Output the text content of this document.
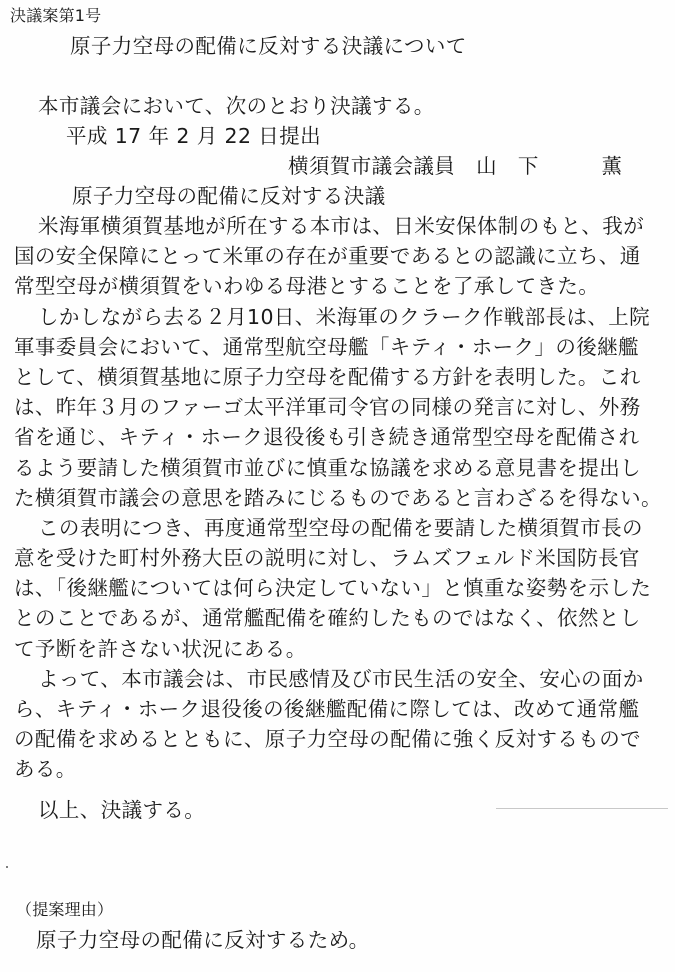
決議案第1号
原子力空母の配備に反対する決議について
本市議会において、次のとおり決議する。
平成 17 年 2 月 22 日提出
横須賀市議会議員　山　下　　　薫
原子力空母の配備に反対する決議
米海軍横須賀基地が所在する本市は、日米安保体制のもと、我が
国の安全保障にとって米軍の存在が重要であるとの認識に立ち、通
常型空母が横須賀をいわゆる母港とすることを了承してきた。
しかしながら去る２月10日、米海軍のクラーク作戦部長は、上院
軍事委員会において、通常型航空母艦「キティ・ホーク」の後継艦
として、横須賀基地に原子力空母を配備する方針を表明した。これ
は、昨年３月のファーゴ太平洋軍司令官の同様の発言に対し、外務
省を通じ、キティ・ホーク退役後も引き続き通常型空母を配備され
るよう要請した横須賀市並びに慎重な協議を求める意見書を提出し
た横須賀市議会の意思を踏みにじるものであると言わざるを得ない。
この表明につき、再度通常型空母の配備を要請した横須賀市長の
意を受けた町村外務大臣の説明に対し、ラムズフェルド米国防長官
は、「後継艦については何ら決定していない」と慎重な姿勢を示した
とのことであるが、通常艦配備を確約したものではなく、依然とし
て予断を許さない状況にある。
よって、本市議会は、市民感情及び市民生活の安全、安心の面か
ら、キティ・ホーク退役後の後継艦配備に際しては、改めて通常艦
の配備を求めるとともに、原子力空母の配備に強く反対するもので
ある。
以上、決議する。
（提案理由）
原子力空母の配備に反対するため。
